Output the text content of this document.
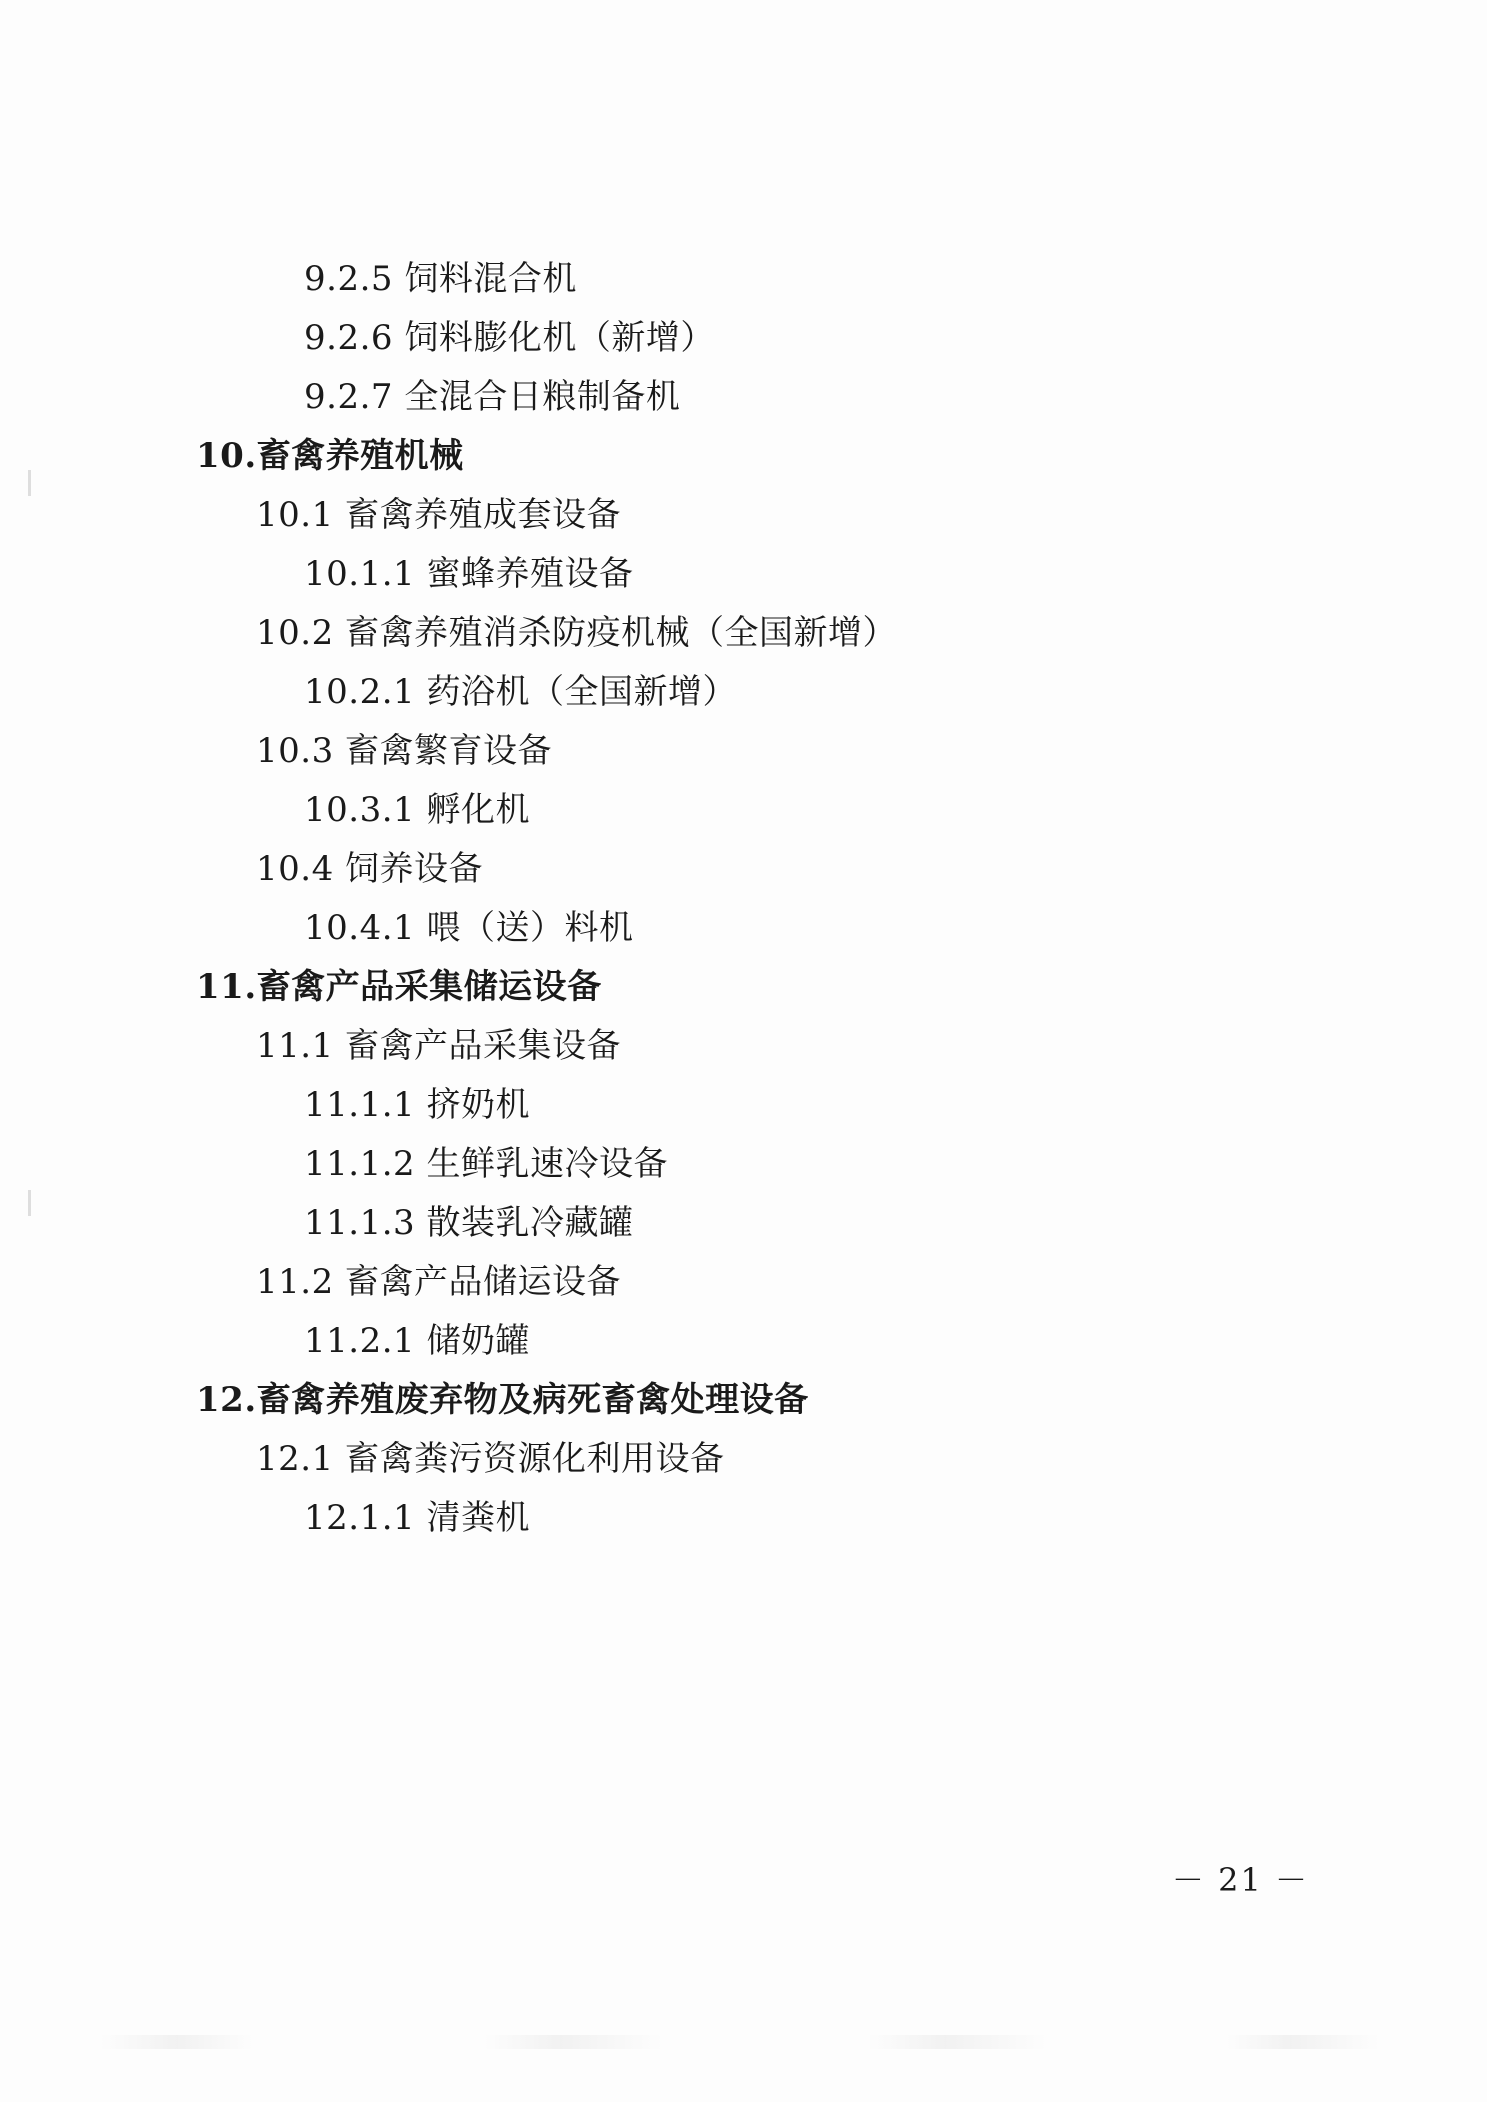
9.2.5 饲料混合机
9.2.6 饲料膨化机（新增）
9.2.7 全混合日粮制备机
10.畜禽养殖机械
10.1 畜禽养殖成套设备
10.1.1 蜜蜂养殖设备
10.2 畜禽养殖消杀防疫机械（全国新增）
10.2.1 药浴机（全国新增）
10.3 畜禽繁育设备
10.3.1 孵化机
10.4 饲养设备
10.4.1 喂（送）料机
11.畜禽产品采集储运设备
11.1 畜禽产品采集设备
11.1.1 挤奶机
11.1.2 生鲜乳速冷设备
11.1.3 散装乳冷藏罐
11.2 畜禽产品储运设备
11.2.1 储奶罐
12.畜禽养殖废弃物及病死畜禽处理设备
12.1 畜禽粪污资源化利用设备
12.1.1 清粪机
－ 21 －
